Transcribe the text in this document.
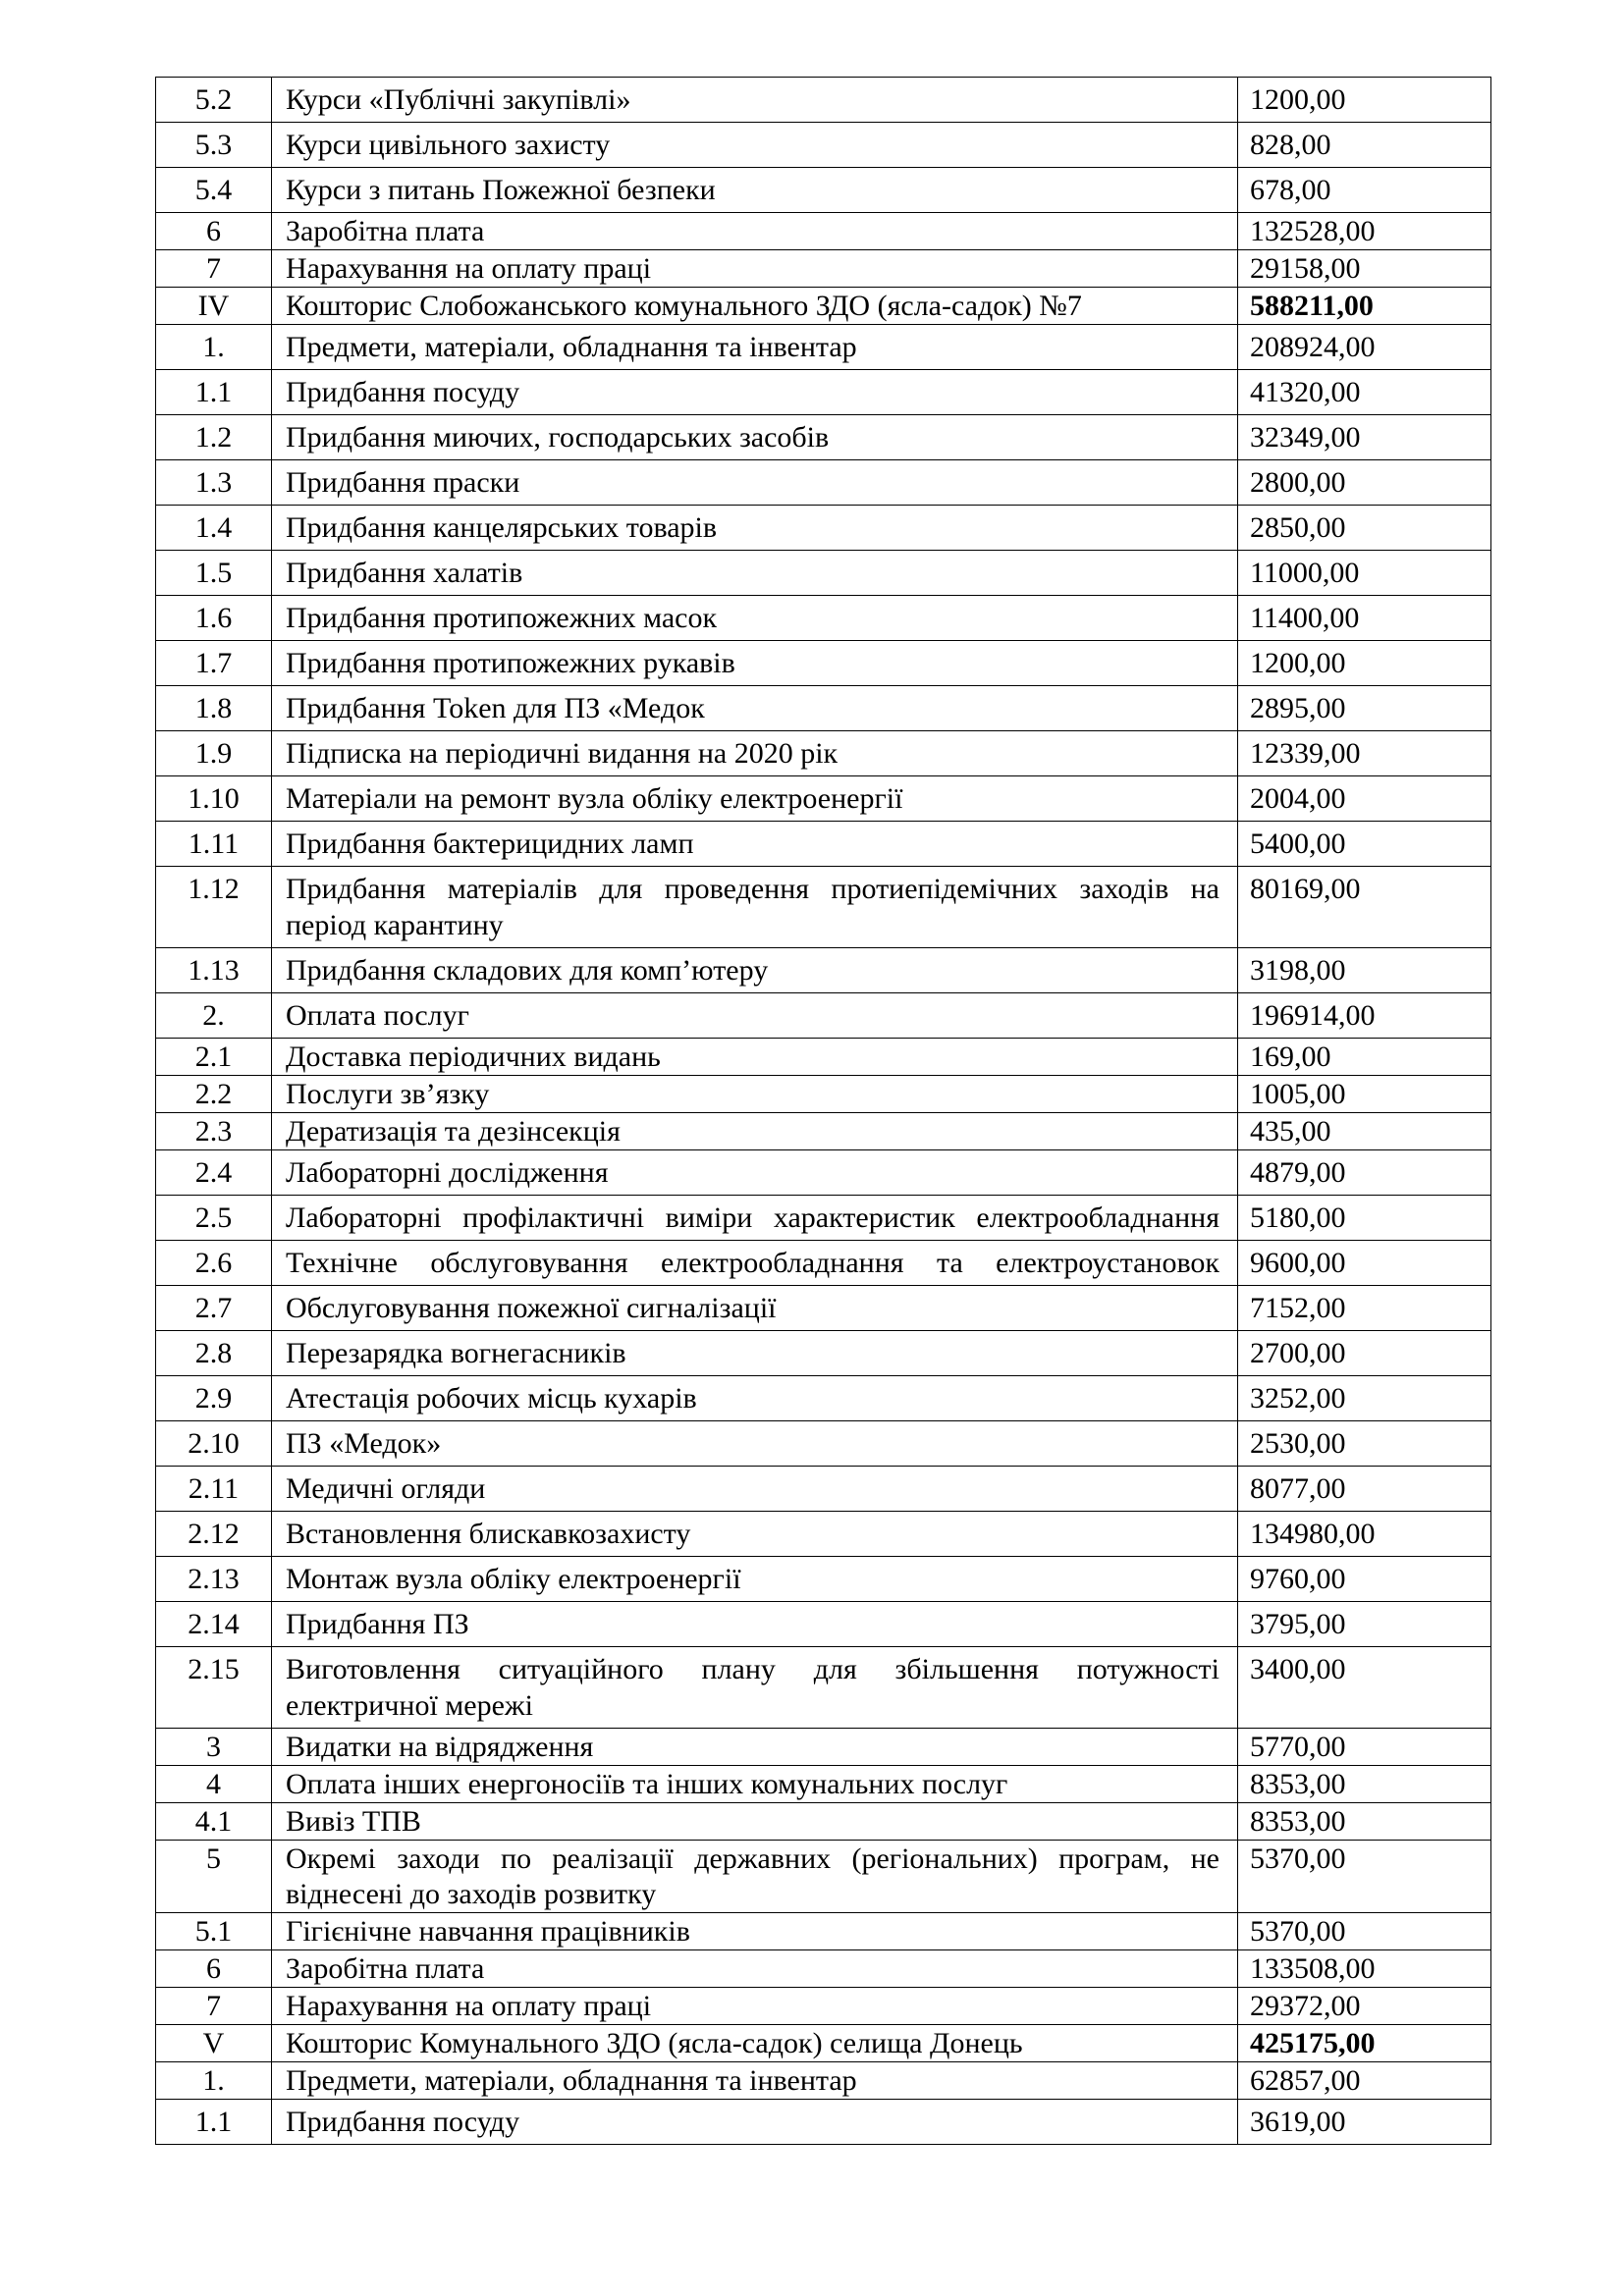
5.2	Курси «Публічні закупівлі»	1200,00
5.3	Курси цивільного захисту	828,00
5.4	Курси з питань Пожежної безпеки	678,00
6	Заробітна плата	132528,00
7	Нарахування на оплату праці	29158,00
IV	Кошторис Слобожанського комунального ЗДО (ясла-садок) №7	588211,00
1.	Предмети, матеріали, обладнання та інвентар	208924,00
1.1	Придбання посуду	41320,00
1.2	Придбання миючих, господарських засобів	32349,00
1.3	Придбання праски	2800,00
1.4	Придбання канцелярських товарів	2850,00
1.5	Придбання халатів	11000,00
1.6	Придбання протипожежних масок	11400,00
1.7	Придбання протипожежних рукавів	1200,00
1.8	Придбання Token для ПЗ «Медок	2895,00
1.9	Підписка на періодичні видання на 2020 рік	12339,00
1.10	Матеріали на ремонт вузла обліку електроенергії	2004,00
1.11	Придбання бактерицидних ламп	5400,00
1.12	Придбання матеріалів для проведення протиепідемічних заходів на період карантину	80169,00
1.13	Придбання складових для комп’ютеру	3198,00
2.	Оплата послуг	196914,00
2.1	Доставка періодичних видань	169,00
2.2	Послуги зв’язку	1005,00
2.3	Дератизація та дезінсекція	435,00
2.4	Лабораторні дослідження	4879,00
2.5	Лабораторні профілактичні виміри характеристик електрообладнання	5180,00
2.6	Технічне обслуговування електрообладнання та електроустановок	9600,00
2.7	Обслуговування пожежної сигналізації	7152,00
2.8	Перезарядка вогнегасників	2700,00
2.9	Атестація робочих місць кухарів	3252,00
2.10	ПЗ «Медок»	2530,00
2.11	Медичні огляди	8077,00
2.12	Встановлення блискавкозахисту	134980,00
2.13	Монтаж вузла обліку електроенергії	9760,00
2.14	Придбання ПЗ	3795,00
2.15	Виготовлення ситуаційного плану для збільшення потужності електричної мережі	3400,00
3	Видатки на відрядження	5770,00
4	Оплата інших енергоносіїв та інших комунальних послуг	8353,00
4.1	Вивіз ТПВ	8353,00
5	Окремі заходи по реалізації державних (регіональних) програм, не віднесені до заходів розвитку	5370,00
5.1	Гігієнічне навчання працівників	5370,00
6	Заробітна плата	133508,00
7	Нарахування на оплату праці	29372,00
V	Кошторис Комунального ЗДО (ясла-садок) селища Донець	425175,00
1.	Предмети, матеріали, обладнання та інвентар	62857,00
1.1	Придбання посуду	3619,00
